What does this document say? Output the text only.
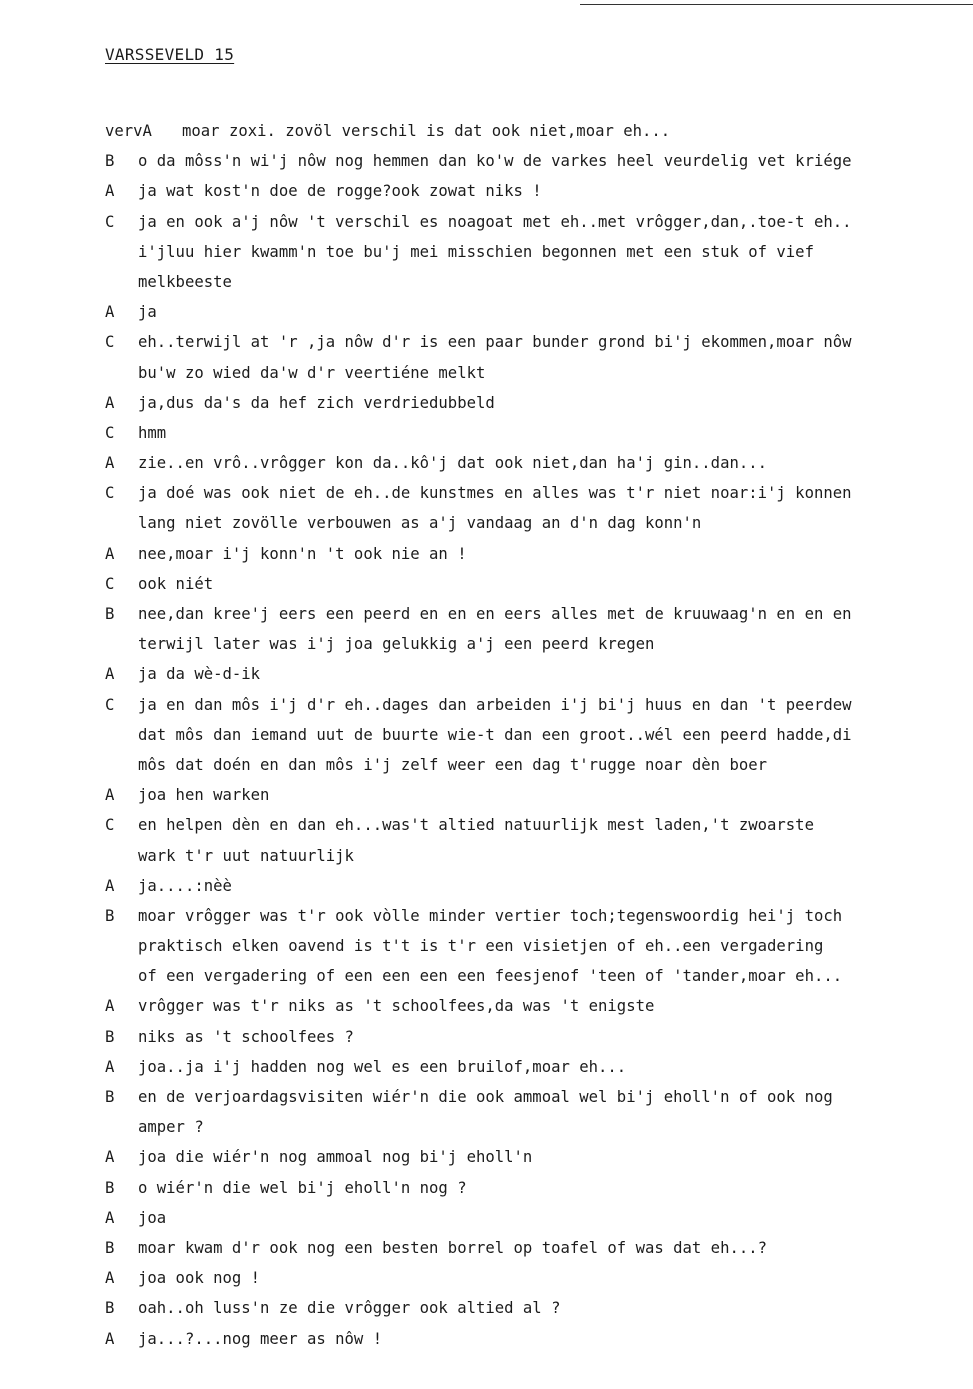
VARSSEVELD 15
vervA moar zoxi. zovöl verschil is dat ook niet,moar eh...
B o da môss'n wi'j nôw nog hemmen dan ko'w de varkes heel veurdelig vet kriége
A ja wat kost'n doe de rogge?ook zowat niks !
C ja en ook a'j nôw 't verschil es noagoat met eh..met vrôgger,dan,.toe-t eh..
i'jluu hier kwamm'n toe bu'j mei misschien begonnen met een stuk of vief
melkbeeste
A ja
C eh..terwijl at 'r ,ja nôw d'r is een paar bunder grond bi'j ekommen,moar nôw
bu'w zo wied da'w d'r veertiéne melkt
A ja,dus da's da hef zich verdriedubbeld
C hmm
A zie..en vrô..vrôgger kon da..kô'j dat ook niet,dan ha'j gin..dan...
C ja doé was ook niet de eh..de kunstmes en alles was t'r niet noar:i'j konnen
lang niet zovölle verbouwen as a'j vandaag an d'n dag konn'n
A nee,moar i'j konn'n 't ook nie an !
C ook niét
B nee,dan kree'j eers een peerd en en en eers alles met de kruuwaag'n en en en
terwijl later was i'j joa gelukkig a'j een peerd kregen
A ja da wè-d-ik
C ja en dan môs i'j d'r eh..dages dan arbeiden i'j bi'j huus en dan 't peerdew
dat môs dan iemand uut de buurte wie-t dan een groot..wél een peerd hadde,di
môs dat doén en dan môs i'j zelf weer een dag t'rugge noar dèn boer
A joa hen warken
C en helpen dèn en dan eh...was't altied natuurlijk mest laden,'t zwoarste
wark t'r uut natuurlijk
A ja....:nèè
B moar vrôgger was t'r ook vòlle minder vertier toch;tegenswoordig hei'j toch
praktisch elken oavend is t't is t'r een visietjen of eh..een vergadering
of een vergadering of een een een een feesjenof 'teen of 'tander,moar eh...
A vrôgger was t'r niks as 't schoolfees,da was 't enigste
B niks as 't schoolfees ?
A joa..ja i'j hadden nog wel es een bruilof,moar eh...
B en de verjoardagsvisiten wiér'n die ook ammoal wel bi'j eholl'n of ook nog
amper ?
A joa die wiér'n nog ammoal nog bi'j eholl'n
B o wiér'n die wel bi'j eholl'n nog ?
A joa
B moar kwam d'r ook nog een besten borrel op toafel of was dat eh...?
A joa ook nog !
B oah..oh luss'n ze die vrôgger ook altied al ?
A ja...?...nog meer as nôw !
